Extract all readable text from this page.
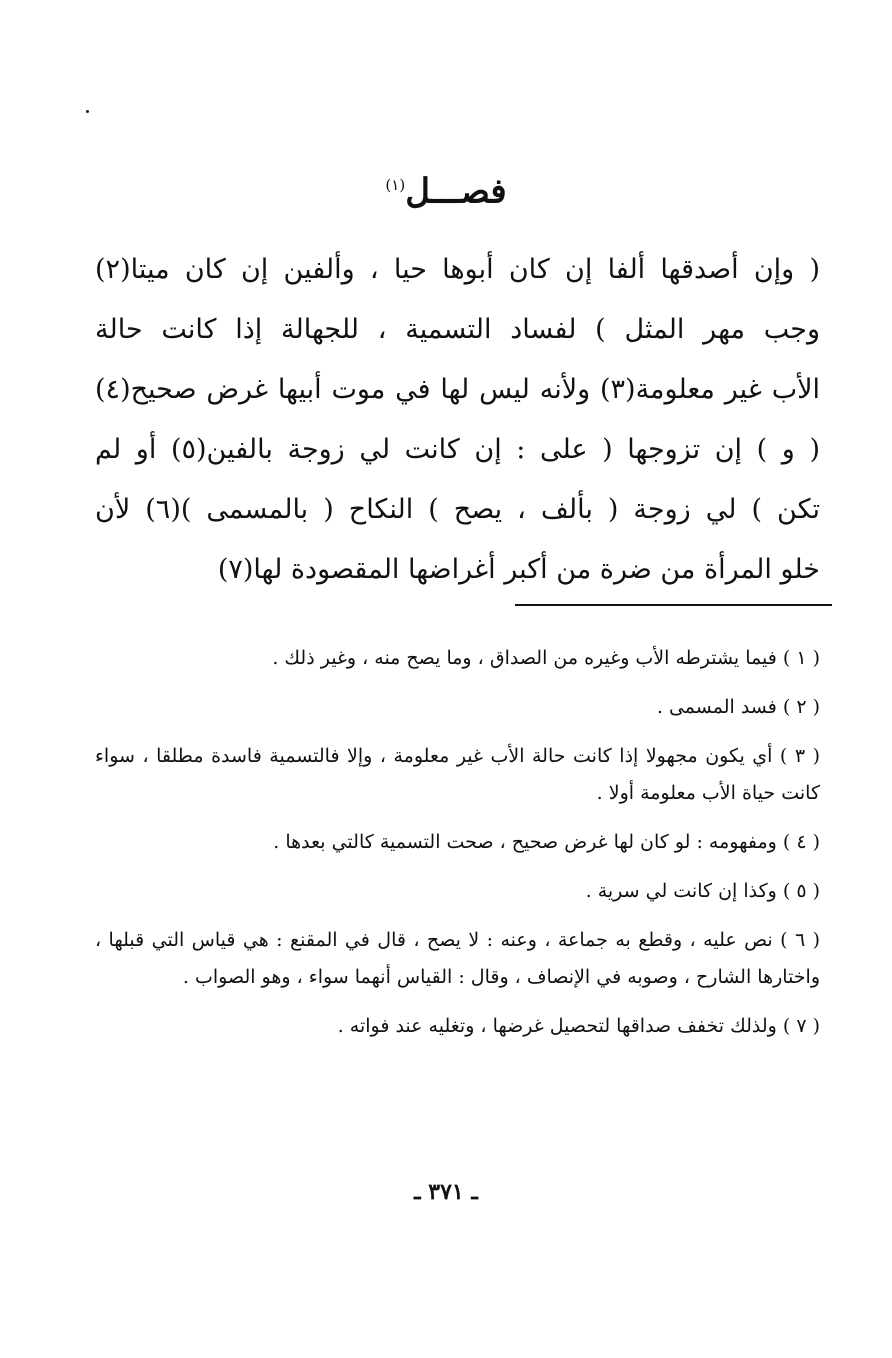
فصـــل$^{(١)}$
( وإن أصدقها ألفا إن كان أبوها حيا ، وألفين إن كان ميتا(٢)
وجب مهر المثل ) لفساد التسمية ، للجهالة إذا كانت حالة
الأب غير معلومة(٣) ولأنه ليس لها في موت أبيها غرض صحيح(٤)
( و ) إن تزوجها ( على : إن كانت لي زوجة بالفين(٥) أو لم
تكن ) لي زوجة ( بألف ، يصح ) النكاح ( بالمسمى )(٦) لأن
خلو المرأة من ضرة من أكبر أغراضها المقصودة لها(٧)

( ١ ) فيما يشترطه الأب وغيره من الصداق ، وما يصح منه ، وغير ذلك .

( ٢ ) فسد المسمى .

( ٣ ) أي يكون مجهولا إذا كانت حالة الأب غير معلومة ، وإلا فالتسمية فاسدة مطلقا ، سواء كانت حياة الأب معلومة أولا .

( ٤ ) ومفهومه : لو كان لها غرض صحيح ، صحت التسمية كالتي بعدها .

( ٥ ) وكذا إن كانت لي سرية .

( ٦ ) نص عليه ، وقطع به جماعة ، وعنه : لا يصح ، قال في المقنع : هي قياس التي قبلها ، واختارها الشارح ، وصوبه في الإنصاف ، وقال : القياس أنهما سواء ، وهو الصواب .

( ٧ ) ولذلك تخفف صداقها لتحصيل غرضها ، وتغليه عند فواته .

ـ ٣٧١ ـ
